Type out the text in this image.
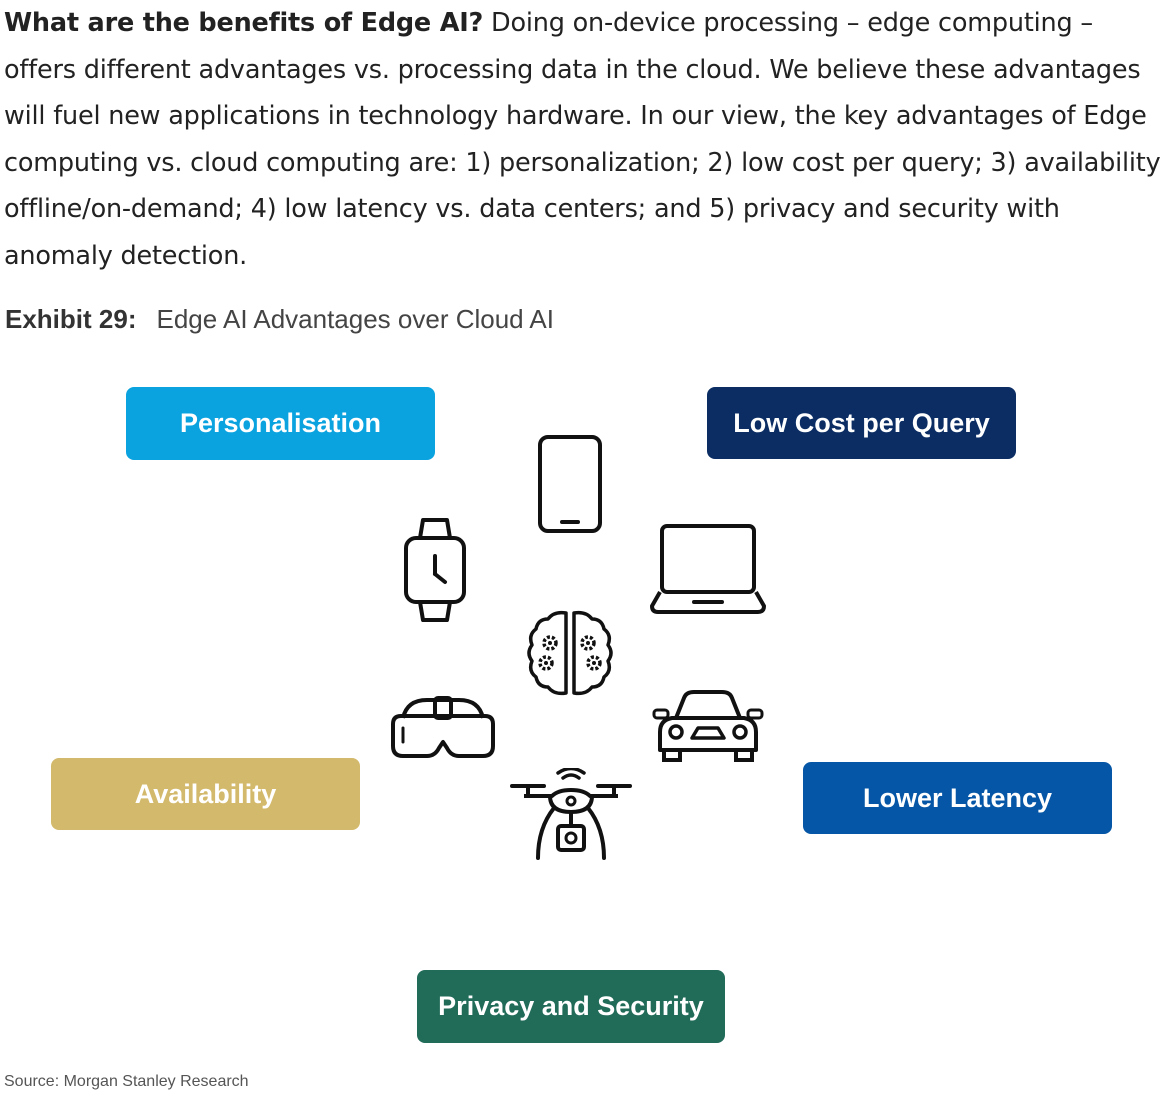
What are the benefits of Edge AI? Doing on-device processing – edge computing – offers different advantages vs. processing data in the cloud. We believe these advantages will fuel new applications in technology hardware. In our view, the key advantages of Edge computing vs. cloud computing are: 1) personalization; 2) low cost per query; 3) availability offline/on-demand; 4) low latency vs. data centers; and 5) privacy and security with anomaly detection.

Exhibit 29: Edge AI Advantages over Cloud AI
Personalisation	Low Cost per Query
Availability	Lower Latency
Privacy and Security
Source: Morgan Stanley Research
